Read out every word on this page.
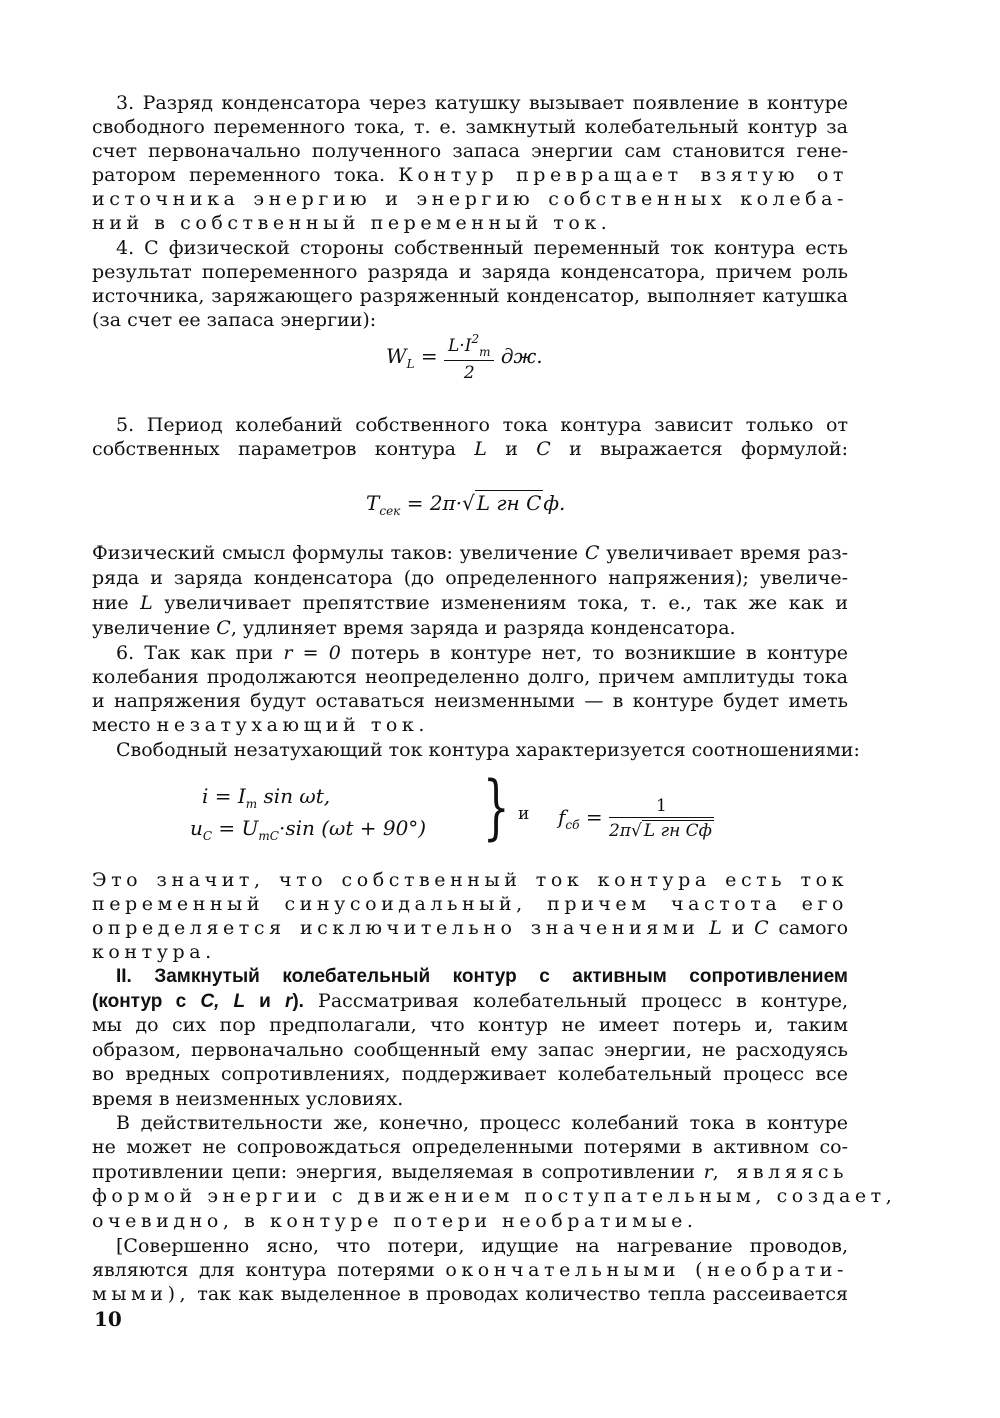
3. Разряд конденсатора через катушку вызывает появление в контуре
свободного переменного тока, т. е. замкнутый колебательный контур за
счет первоначально полученного запаса энергии сам становится гене-
ратором переменного тока. Контур превращает взятую от
источника энергию и энергию собственных колеба-
ний в собственный переменный ток.
4. С физической стороны собственный переменный ток контура есть
результат попеременного разряда и заряда конденсатора, причем роль
источника, заряжающего разряженный конденсатор, выполняет катушка
(за счет ее запаса энергии):
$W_L = \frac{L\cdot I^2_m}{2}$ дж.
5. Период колебаний собственного тока контура зависит только от
собственных параметров контура L и C и выражается формулой:
$T_{сек} = 2\pi\cdot√$ L гн C ф.
Физический смысл формулы таков: увеличение C увеличивает время раз-
ряда и заряда конденсатора (до определенного напряжения); увеличе-
ние L увеличивает препятствие изменениям тока, т. е., так же как и
увеличение C, удлиняет время заряда и разряда конденсатора.
6. Так как при r = 0 потерь в контуре нет, то возникшие в контуре
колебания продолжаются неопределенно долго, причем амплитуды тока
и напряжения будут оставаться неизменными — в контуре будет иметь
место незатухающий ток.
Свободный незатухающий ток контура характеризуется соотношениями:
$i = I_m$ sin ωt,
$u_C = U_{mC}\cdot\sin$ (ωt + 90°) } и $f_{сб} = \frac{1}{\text{2π√ L гн Cф}}$
Это значит, что собственный ток контура есть ток
переменный синусоидальный, причем частота его
определяется исключительно значениями L и C самого
контура.
II. Замкнутый колебательный контур с активным сопротивлением
(контур с C, L и r). Рассматривая колебательный процесс в контуре,
мы до сих пор предполагали, что контур не имеет потерь и, таким
образом, первоначально сообщенный ему запас энергии, не расходуясь
во вредных сопротивлениях, поддерживает колебательный процесс все
время в неизменных условиях.
В действительности же, конечно, процесс колебаний тока в контуре
не может не сопровождаться определенными потерями в активном со-
противлении цепи: энергия, выделяемая в сопротивлении r, являясь
формой энергии с движением поступательным, создает,
очевидно, в контуре потери необратимые.
[Совершенно ясно, что потери, идущие на нагревание проводов,
являются для контура потерями окончательными (необрати-
мыми), так как выделенное в проводах количество тепла рассеивается
10
